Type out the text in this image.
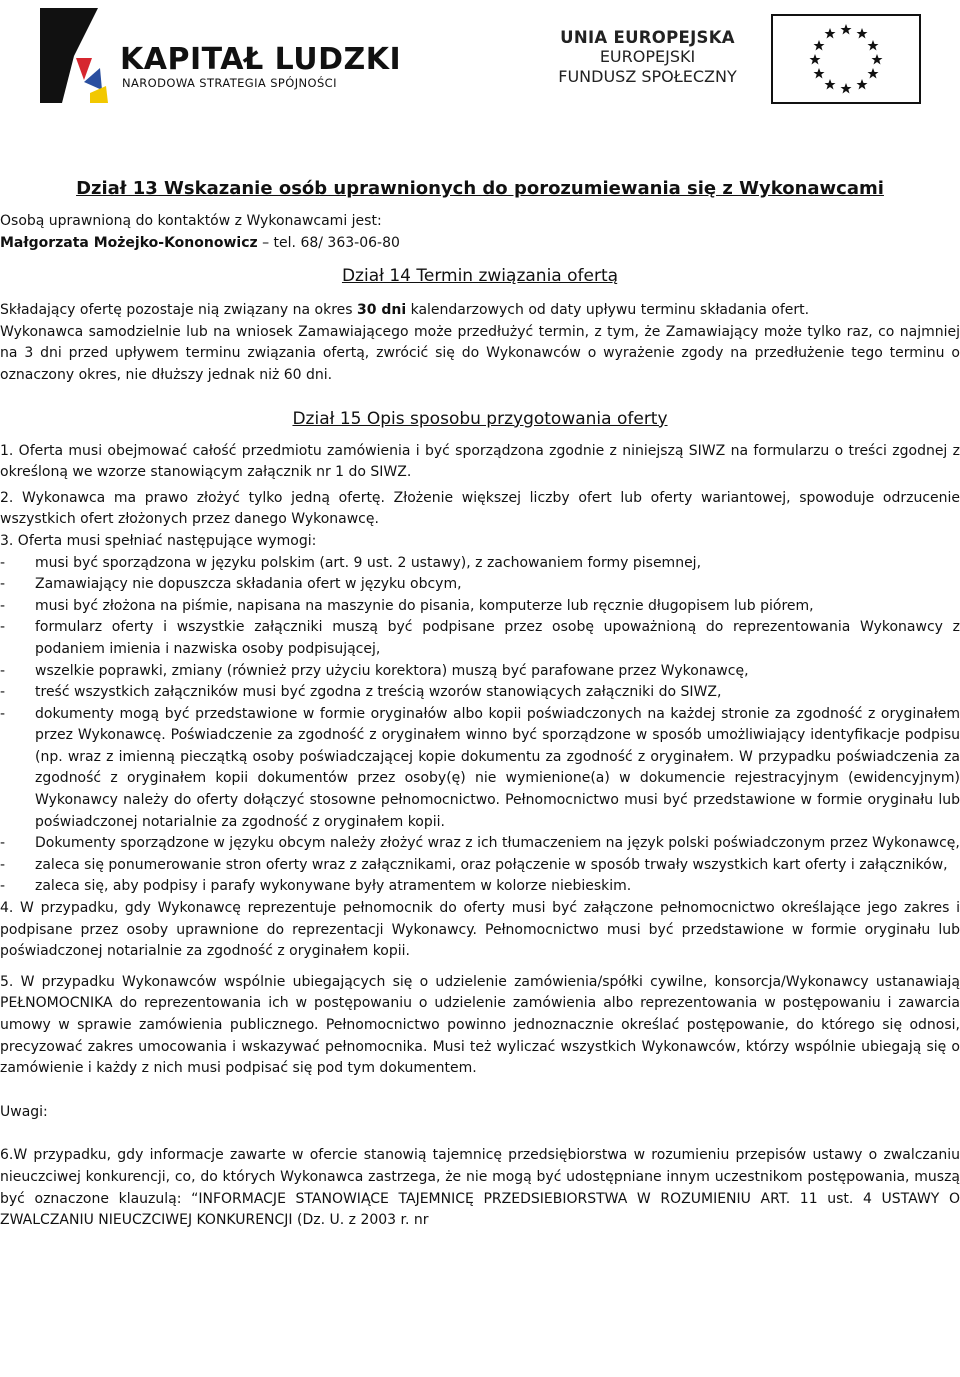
KAPITAŁ LUDZKI
NARODOWA STRATEGIA SPÓJNOŚCI
UNIA EUROPEJSKA
EUROPEJSKI
FUNDUSZ SPOŁECZNY
Dział 13 Wskazanie osób uprawnionych do porozumiewania się z Wykonawcami

Osobą uprawnioną do kontaktów z Wykonawcami jest:

Małgorzata Możejko-Kononowicz – tel. 68/ 363-06-80

Dział 14 Termin związania ofertą

Składający ofertę pozostaje nią związany na okres 30 dni kalendarzowych od daty upływu terminu składania ofert.

Wykonawca samodzielnie lub na wniosek Zamawiającego może przedłużyć termin, z tym, że Zamawiający może tylko raz, co najmniej na 3 dni przed upływem terminu związania ofertą, zwrócić się do Wykonawców o wyrażenie zgody na przedłużenie tego terminu o oznaczony okres, nie dłuższy jednak niż 60 dni.

Dział 15 Opis sposobu przygotowania oferty

1. Oferta musi obejmować całość przedmiotu zamówienia i być sporządzona zgodnie z niniejszą SIWZ na formularzu o treści zgodnej z określoną we wzorze stanowiącym załącznik nr 1 do SIWZ.

2. Wykonawca ma prawo złożyć tylko jedną ofertę. Złożenie większej liczby ofert lub oferty wariantowej, spowoduje odrzucenie wszystkich ofert złożonych przez danego Wykonawcę.

3. Oferta musi spełniać następujące wymogi:

-	musi być sporządzona w języku polskim (art. 9 ust. 2 ustawy), z zachowaniem formy pisemnej,
-	Zamawiający nie dopuszcza składania ofert w języku obcym,
-	musi być złożona na piśmie, napisana na maszynie do pisania, komputerze lub ręcznie długopisem lub piórem,
-	formularz oferty i wszystkie załączniki muszą być podpisane przez osobę upoważnioną do reprezentowania Wykonawcy z podaniem imienia i nazwiska osoby podpisującej,
-	wszelkie poprawki, zmiany (również przy użyciu korektora) muszą być parafowane przez Wykonawcę,
-	treść wszystkich załączników musi być zgodna z treścią wzorów stanowiących załączniki do SIWZ,
-	dokumenty mogą być przedstawione w formie oryginałów albo kopii poświadczonych na każdej stronie za zgodność z oryginałem przez Wykonawcę. Poświadczenie za zgodność z oryginałem winno być sporządzone w sposób umożliwiający identyfikacje podpisu (np. wraz z imienną pieczątką osoby poświadczającej kopie dokumentu za zgodność z oryginałem. W przypadku poświadczenia za zgodność z oryginałem kopii dokumentów przez osoby(ę) nie wymienione(a) w dokumencie rejestracyjnym (ewidencyjnym) Wykonawcy należy do oferty dołączyć stosowne pełnomocnictwo. Pełnomocnictwo musi być przedstawione w formie oryginału lub poświadczonej notarialnie za zgodność z oryginałem kopii.
-	Dokumenty sporządzone w języku obcym należy złożyć wraz z ich tłumaczeniem na język polski poświadczonym przez Wykonawcę,
-	zaleca się ponumerowanie stron oferty wraz z załącznikami, oraz połączenie w sposób trwały wszystkich kart oferty i załączników,
-	zaleca się, aby podpisy i parafy wykonywane były atramentem w kolorze niebieskim.

4. W przypadku, gdy Wykonawcę reprezentuje pełnomocnik do oferty musi być załączone pełnomocnictwo określające jego zakres i podpisane przez osoby uprawnione do reprezentacji Wykonawcy. Pełnomocnictwo musi być przedstawione w formie oryginału lub poświadczonej notarialnie za zgodność z oryginałem kopii.

5. W przypadku Wykonawców wspólnie ubiegających się o udzielenie zamówienia/spółki cywilne, konsorcja/Wykonawcy ustanawiają PEŁNOMOCNIKA do reprezentowania ich w postępowaniu o udzielenie zamówienia albo reprezentowania w postępowaniu i zawarcia umowy w sprawie zamówienia publicznego. Pełnomocnictwo powinno jednoznacznie określać postępowanie, do którego się odnosi, precyzować zakres umocowania i wskazywać pełnomocnika. Musi też wyliczać wszystkich Wykonawców, którzy wspólnie ubiegają się o zamówienie i każdy z nich musi podpisać się pod tym dokumentem.

Uwagi:

6.W przypadku, gdy informacje zawarte w ofercie stanowią tajemnicę przedsiębiorstwa w rozumieniu przepisów ustawy o zwalczaniu nieuczciwej konkurencji, co, do których Wykonawca zastrzega, że nie mogą być udostępniane innym uczestnikom postępowania, muszą być oznaczone klauzulą: “INFORMACJE STANOWIĄCE TAJEMNICĘ PRZEDSIEBIORSTWA W ROZUMIENIU ART. 11 ust. 4 USTAWY O ZWALCZANIU NIEUCZCIWEJ KONKURENCJI (Dz. U. z 2003 r. nr
